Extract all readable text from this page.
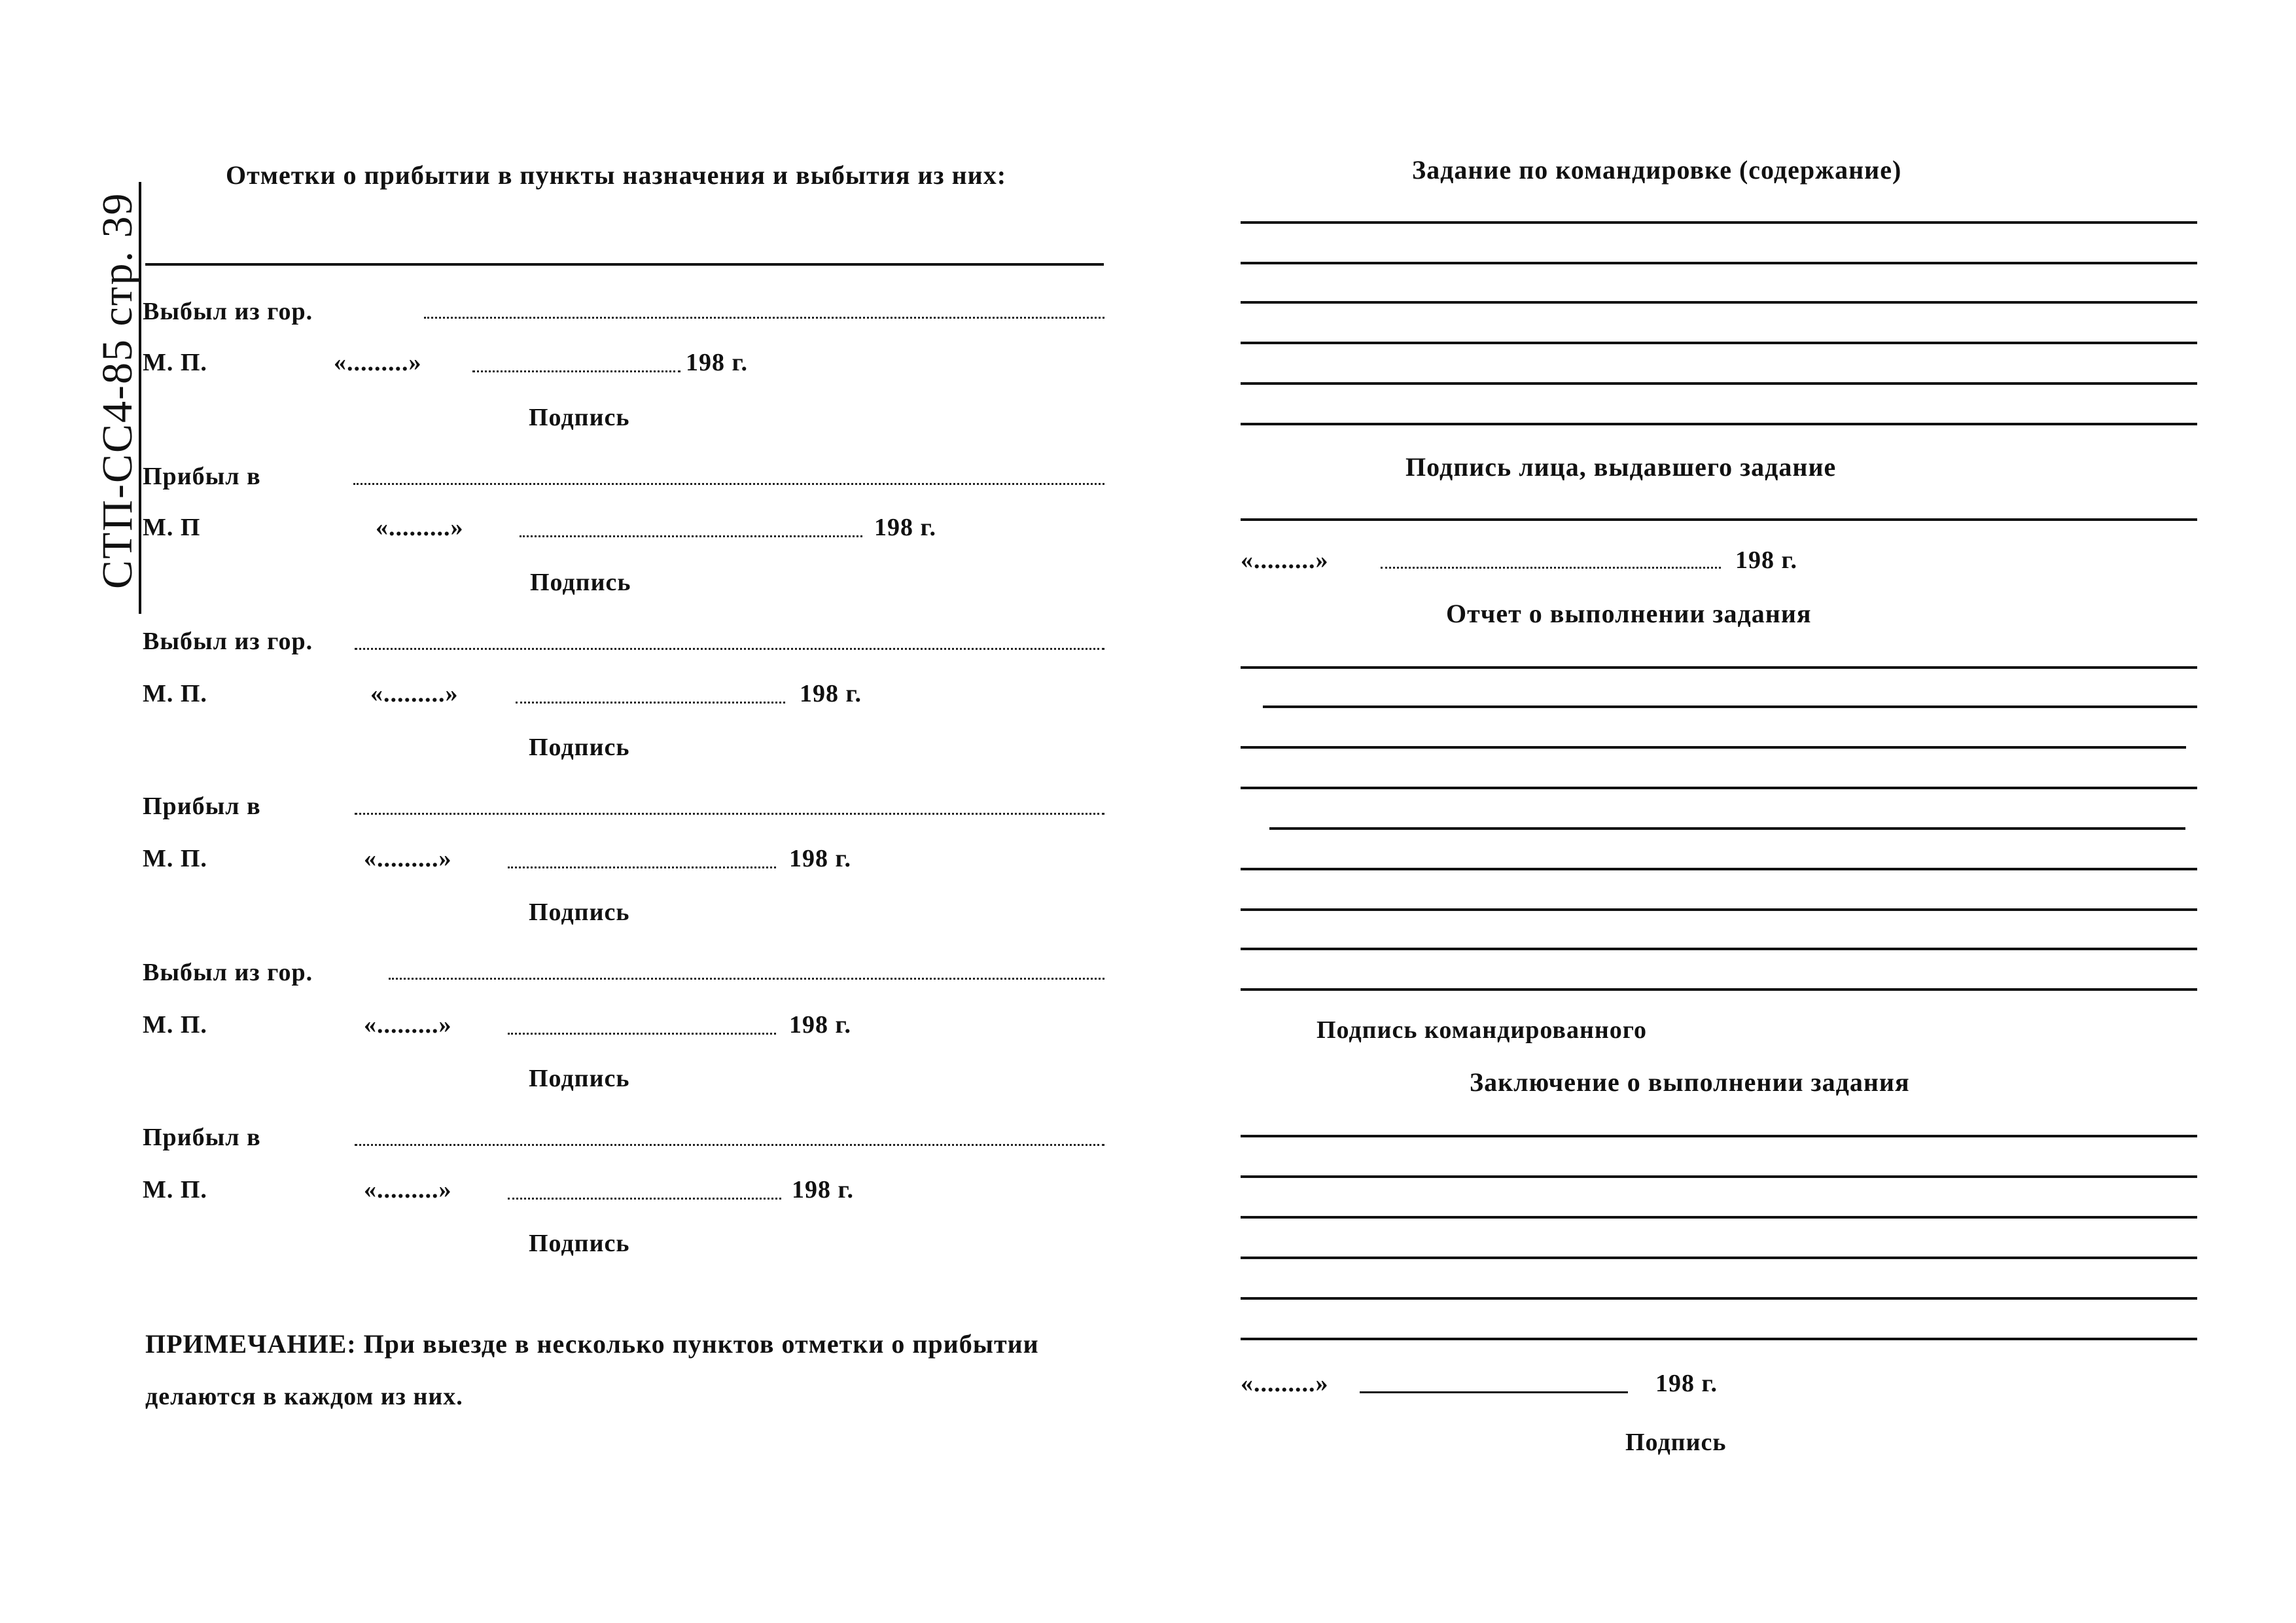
СТП-СС4-85 стр. 39
Отметки о прибытии в пункты назначения и выбытия из них:
Выбыл из гор.
М. П.	«.........»	198 г.
Подпись
Прибыл в
М. П	«.........»	198 г.
Подпись
Выбыл из гор.
М. П.	«.........»	198 г.
Подпись
Прибыл в
М. П.	«.........»	198 г.
Подпись
Выбыл из гор.
М. П.	«.........»	198 г.
Подпись
Прибыл в
М. П.	«.........»	198 г.
Подпись
ПРИМЕЧАНИЕ: При выезде в несколько пунктов отметки о прибытии
делаются в каждом из них.
Задание по командировке (содержание)
Подпись лица, выдавшего задание
«.........»	198 г.
Отчет о выполнении задания
Подпись командированного
Заключение о выполнении задания
«.........»	198 г.
Подпись
